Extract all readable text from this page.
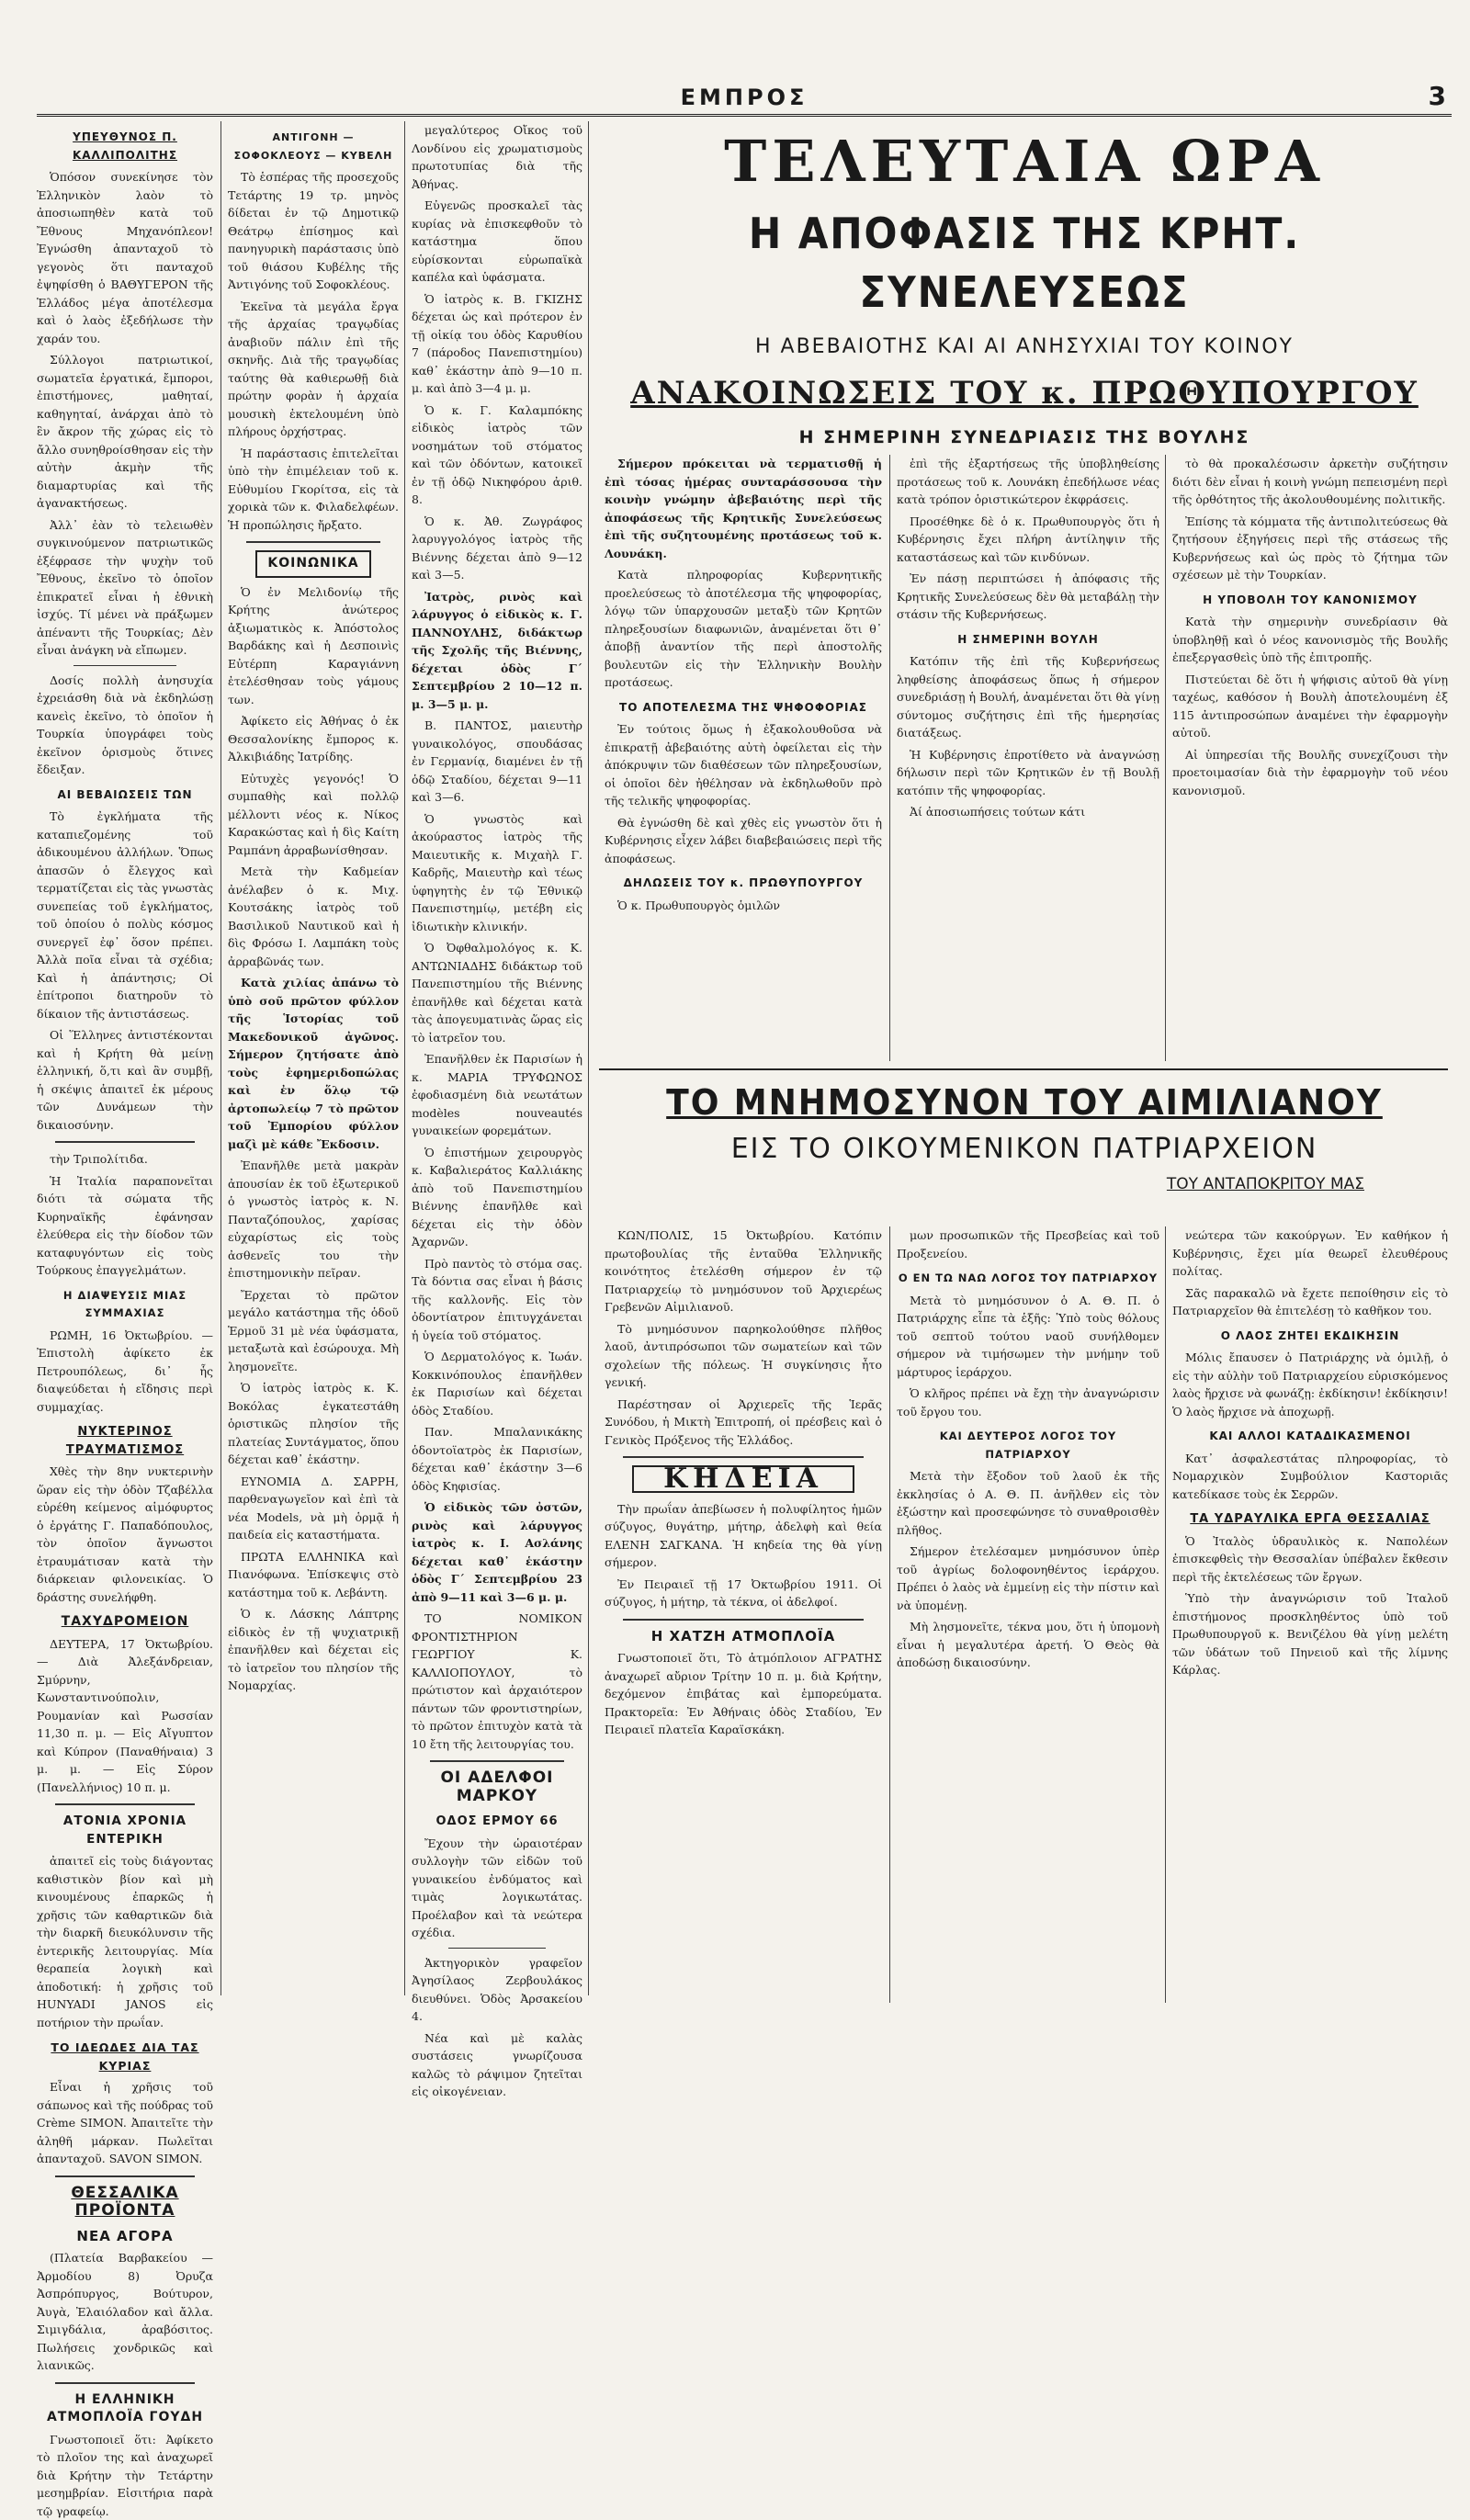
ΕΜΠΡΟΣ	3
ΥΠΕΥΘΥΝΟΣ Π. ΚΑΛΛΙΠΟΛΙΤΗΣ

Ὁπόσον συνεκίνησε τὸν Ἑλληνικὸν λαὸν τὸ ἀποσιωπηθὲν κατὰ τοῦ Ἔθνους Μηχανόπλεον! Ἐγνώσθη ἀπανταχοῦ τὸ γεγονὸς ὅτι πανταχοῦ ἐψηφίσθη ὁ ΒΑΘΥΓΕΡΟΝ τῆς Ἑλλάδος μέγα ἀποτέλεσμα καὶ ὁ λαὸς ἐξεδήλωσε τὴν χαράν του.

Σύλλογοι πατριωτικοί, σωματεῖα ἐργατικά, ἔμποροι, ἐπιστήμονες, μαθηταί, καθηγηταί, ἀνάρχαι ἀπὸ τὸ ἓν ἄκρον τῆς χώρας εἰς τὸ ἄλλο συνηθροίσθησαν εἰς τὴν αὐτὴν ἀκμὴν τῆς διαμαρτυρίας καὶ τῆς ἀγανακτήσεως.

Ἀλλ᾽ ἐὰν τὸ τελειωθὲν συγκινούμενον πατριωτικῶς ἐξέφρασε τὴν ψυχὴν τοῦ Ἔθνους, ἐκεῖνο τὸ ὁποῖον ἐπικρατεῖ εἶναι ἡ ἐθνικὴ ἰσχύς. Τί μένει νὰ πράξωμεν ἀπέναντι τῆς Τουρκίας; Δὲν εἶναι ἀνάγκη νὰ εἴπωμεν.

Δοσίς πολλὴ ἀνησυχία ἐχρειάσθη διὰ νὰ ἐκδηλώσῃ κανεὶς ἐκεῖνο, τὸ ὁποῖον ἡ Τουρκία ὑπογράφει τοὺς ἐκεῖνον ὁρισμοὺς ὅτινες ἔδειξαν.

ΑΙ ΒΕΒΑΙΩΣΕΙΣ ΤΩΝ

Τὸ ἐγκλήματα τῆς καταπιεζομένης τοῦ ἀδικουμένου ἀλλήλων. Ὅπως ἀπασῶν ὁ ἔλεγχος καὶ τερματίζεται εἰς τὰς γνωστὰς συνεπείας τοῦ ἐγκλήματος, τοῦ ὁποίου ὁ πολὺς κόσμος συνεργεῖ ἐφ᾽ ὅσον πρέπει. Ἀλλὰ ποῖα εἶναι τὰ σχέδια; Καὶ ἡ ἀπάντησις; Οἱ ἐπίτροποι διατηροῦν τὸ δίκαιον τῆς ἀντιστάσεως.

Οἱ Ἕλληνες ἀντιστέκονται καὶ ἡ Κρήτη θὰ μείνῃ ἑλληνική, ὅ,τι καὶ ἂν συμβῇ, ἡ σκέψις ἀπαιτεῖ ἐκ μέρους τῶν Δυνάμεων τὴν δικαιοσύνην.

τὴν Τριπολίτιδα.

Ἡ Ἰταλία παραπονεῖται διότι τὰ σώματα τῆς Κυρηναϊκῆς ἐφάνησαν ἐλεύθερα εἰς τὴν δίοδον τῶν καταφυγόντων εἰς τοὺς Τούρκους ἐπαγγελμάτων.

Η ΔΙΑΨΕΥΣΙΣ ΜΙΑΣ ΣΥΜΜΑΧΙΑΣ

ΡΩΜΗ, 16 Ὀκτωβρίου. — Ἐπιστολὴ ἀφίκετο ἐκ Πετρουπόλεως, δι᾽ ἧς διαψεύδεται ἡ εἴδησις περὶ συμμαχίας.

ΝΥΚΤΕΡΙΝΟΣ ΤΡΑΥΜΑΤΙΣΜΟΣ

Χθὲς τὴν 8ην νυκτερινὴν ὥραν εἰς τὴν ὁδὸν Τζαβέλλα εὑρέθη κείμενος αἱμόφυρτος ὁ ἐργάτης Γ. Παπαδόπουλος, τὸν ὁποῖον ἄγνωστοι ἐτραυμάτισαν κατὰ τὴν διάρκειαν φιλονεικίας. Ὁ δράστης συνελήφθη.

ΤΑΧΥΔΡΟΜΕΙΟΝ

ΔΕΥΤΕΡΑ, 17 Ὀκτωβρίου. — Διὰ Ἀλεξάνδρειαν, Σμύρνην, Κωνσταντινούπολιν, Ρουμανίαν καὶ Ρωσσίαν 11,30 π. μ. — Εἰς Αἴγυπτον καὶ Κύπρον (Παναθήναια) 3 μ. μ. — Εἰς Σύρον (Πανελλήνιος) 10 π. μ.

ΑΤΟΝΙΑ ΧΡΟΝΙΑ ΕΝΤΕΡΙΚΗ

ἀπαιτεῖ εἰς τοὺς διάγοντας καθιστικὸν βίον καὶ μὴ κινουμένους ἐπαρκῶς ἡ χρῆσις τῶν καθαρτικῶν διὰ τὴν διαρκῆ διευκόλυνσιν τῆς ἐντερικῆς λειτουργίας. Μία θεραπεία λογικὴ καὶ ἀποδοτική: ἡ χρῆσις τοῦ HUNYADI JANOS εἰς ποτήριον τὴν πρωΐαν.

ΤΟ ΙΔΕΩΔΕΣ ΔΙΑ ΤΑΣ ΚΥΡΙΑΣ

Εἶναι ἡ χρῆσις τοῦ σάπωνος καὶ τῆς πούδρας τοῦ Crème SIMON. Ἀπαιτεῖτε τὴν ἀληθῆ μάρκαν. Πωλεῖται ἀπανταχοῦ. SAVON SIMON.

ΘΕΣΣΑΛΙΚΑ ΠΡΟΪΟΝΤΑ
ΝΕΑ ΑΓΟΡΑ

(Πλατεία Βαρβακείου — Ἀρμοδίου 8) Ὀρυζα Ἀσπρόπυργος, Βούτυρον, Ἀυγὰ, Ἐλαιόλαδον καὶ ἄλλα. Σιμιγδάλια, ἀραβόσιτος. Πωλήσεις χονδρικῶς καὶ λιανικῶς.

Η ΕΛΛΗΝΙΚΗ ΑΤΜΟΠΛΟΪΑ ΓΟΥΔΗ

Γνωστοποιεῖ ὅτι: Ἀφίκετο τὸ πλοῖον της καὶ ἀναχωρεῖ διὰ Κρήτην τὴν Τετάρτην μεσημβρίαν. Εἰσιτήρια παρὰ τῷ γραφείῳ.

ΑΝΤΙΓΟΝΗ — ΣΟΦΟΚΛΕΟΥΣ — ΚΥΒΕΛΗ

Τὸ ἑσπέρας τῆς προσεχοῦς Τετάρτης 19 τρ. μηνὸς δίδεται ἐν τῷ Δημοτικῷ Θεάτρῳ ἐπίσημος καὶ πανηγυρικὴ παράστασις ὑπὸ τοῦ θιάσου Κυβέλης τῆς Ἀντιγόνης τοῦ Σοφοκλέους.

Ἐκεῖνα τὰ μεγάλα ἔργα τῆς ἀρχαίας τραγῳδίας ἀναβιοῦν πάλιν ἐπὶ τῆς σκηνῆς. Διὰ τῆς τραγῳδίας ταύτης θὰ καθιερωθῇ διὰ πρώτην φορὰν ἡ ἀρχαία μουσικὴ ἐκτελουμένη ὑπὸ πλήρους ὀρχήστρας.

Ἡ παράστασις ἐπιτελεῖται ὑπὸ τὴν ἐπιμέλειαν τοῦ κ. Εὐθυμίου Γκορίτσα, εἰς τὰ χορικὰ τῶν κ. Φιλαδελφέων. Ἡ προπώλησις ἤρξατο.

ΚΟΙΝΩΝΙΚΑ

Ὁ ἐν Μελιδονίῳ τῆς Κρήτης ἀνώτερος ἀξιωματικὸς κ. Ἀπόστολος Βαρδάκης καὶ ἡ Δεσποινὶς Εὐτέρπη Καραγιάννη ἐτελέσθησαν τοὺς γάμους των.

Ἀφίκετο εἰς Ἀθήνας ὁ ἐκ Θεσσαλονίκης ἔμπορος κ. Ἀλκιβιάδης Ἰατρίδης.

Εὐτυχὲς γεγονός! Ὁ συμπαθὴς καὶ πολλῷ μέλλοντι νέος κ. Νίκος Καρακώστας καὶ ἡ δὶς Καίτη Ραμπάνη ἀρραβωνίσθησαν.

Μετὰ τὴν Καδμείαν ἀνέλαβεν ὁ κ. Μιχ. Κουτσάκης ἰατρὸς τοῦ Βασιλικοῦ Ναυτικοῦ καὶ ἡ δὶς Φρόσω Ι. Λαμπάκη τοὺς ἀρραβῶνάς των.

Κατὰ χιλίας ἀπάνω τὸ ὑπὸ σοῦ πρῶτον φύλλον τῆς Ἱστορίας τοῦ Μακεδονικοῦ ἀγῶνος. Σήμερον ζητήσατε ἀπὸ τοὺς ἐφημεριδοπώλας καὶ ἐν ὅλῳ τῷ ἀρτοπωλείῳ 7 τὸ πρῶτον τοῦ Ἐμπορίου φύλλον μαζὶ μὲ κάθε Ἔκδοσιν.

Ἐπανῆλθε μετὰ μακρὰν ἀπουσίαν ἐκ τοῦ ἐξωτερικοῦ ὁ γνωστὸς ἰατρὸς κ. Ν. Πανταζόπουλος, χαρίσας εὐχαρίστως εἰς τοὺς ἀσθενεῖς του τὴν ἐπιστημονικὴν πεῖραν.

Ἔρχεται τὸ πρῶτον μεγάλο κατάστημα τῆς ὁδοῦ Ἑρμοῦ 31 μὲ νέα ὑφάσματα, μεταξωτὰ καὶ ἐσώρουχα. Μὴ λησμονεῖτε.

Ὁ ἱατρὸς ἰατρὸς κ. Κ. Βοκόλας ἐγκατεστάθη ὁριστικῶς πλησίον τῆς πλατείας Συντάγματος, ὅπου δέχεται καθ᾽ ἑκάστην.

ΕΥΝΟΜΙΑ Δ. ΣΑΡΡΗ, παρθεναγωγεῖον καὶ ἐπὶ τὰ νέα Models, νὰ μὴ ὁρμᾷ ἡ παιδεία εἰς καταστήματα.

ΠΡΩΤΑ ΕΛΛΗΝΙΚΑ καὶ Πιανόφωνα. Ἐπίσκεψις στὸ κατάστημα τοῦ κ. Λεβάντη.

Ὁ κ. Λάσκης Λάπτρης εἰδικὸς ἐν τῇ ψυχιατρικῇ ἐπανῆλθεν καὶ δέχεται εἰς τὸ ἰατρεῖον του πλησίον τῆς Νομαρχίας.

μεγαλύτερος Οἴκος τοῦ Λονδίνου εἰς χρωματισμοὺς πρωτοτυπίας διὰ τῆς Ἀθήνας.

Εὐγενῶς προσκαλεῖ τὰς κυρίας νὰ ἐπισκεφθοῦν τὸ κατάστημα ὅπου εὑρίσκονται εὐρωπαϊκὰ καπέλα καὶ ὑφάσματα.

Ὁ ἰατρὸς κ. Β. ΓΚΙΖΗΣ δέχεται ὡς καὶ πρότερον ἐν τῇ οἰκίᾳ του ὁδὸς Καρυθίου 7 (πάροδος Πανεπιστημίου) καθ᾽ ἑκάστην ἀπὸ 9—10 π. μ. καὶ ἀπὸ 3—4 μ. μ.

Ὁ κ. Γ. Καλαμπόκης εἰδικὸς ἰατρὸς τῶν νοσημάτων τοῦ στόματος καὶ τῶν ὀδόντων, κατοικεῖ ἐν τῇ ὁδῷ Νικηφόρου ἀριθ. 8.

Ὁ κ. Ἀθ. Ζωγράφος λαρυγγολόγος ἰατρὸς τῆς Βιέννης δέχεται ἀπὸ 9—12 καὶ 3—5.

Ἰατρὸς, ρινὸς καὶ λάρυγγος ὁ εἰδικὸς κ. Γ. ΠΑΝΝΟΥΛΗΣ, διδάκτωρ τῆς Σχολῆς τῆς Βιέννης, δέχεται ὁδὸς Γ΄ Σεπτεμβρίου 2 10—12 π. μ. 3—5 μ. μ.

Β. ΠΑΝΤΟΣ, μαιευτὴρ γυναικολόγος, σπουδάσας ἐν Γερμανίᾳ, διαμένει ἐν τῇ ὁδῷ Σταδίου, δέχεται 9—11 καὶ 3—6.

Ὁ γνωστὸς καὶ ἀκούραστος ἰατρὸς τῆς Μαιευτικῆς κ. Μιχαὴλ Γ. Καδρῆς, Μαιευτὴρ καὶ τέως ὑφηγητὴς ἐν τῷ Ἐθνικῷ Πανεπιστημίῳ, μετέβη εἰς ἰδιωτικὴν κλινικήν.

Ὁ Ὀφθαλμολόγος κ. Κ. ΑΝΤΩΝΙΑΔΗΣ διδάκτωρ τοῦ Πανεπιστημίου τῆς Βιέννης ἐπανῆλθε καὶ δέχεται κατὰ τὰς ἀπογευματινὰς ὥρας εἰς τὸ ἰατρεῖον του.

Ἐπανῆλθεν ἐκ Παρισίων ἡ κ. ΜΑΡΙΑ ΤΡΥΦΩΝΟΣ ἐφοδιασμένη διὰ νεωτάτων modèles nouveautés γυναικείων φορεμάτων.

Ὁ ἐπιστήμων χειρουργὸς κ. Καβαλιεράτος Καλλιάκης ἀπὸ τοῦ Πανεπιστημίου Βιέννης ἐπανῆλθε καὶ δέχεται εἰς τὴν ὁδὸν Ἀχαρνῶν.

Πρὸ παντὸς τὸ στόμα σας. Τὰ δόντια σας εἶναι ἡ βάσις τῆς καλλονῆς. Εἰς τὸν ὀδοντίατρον ἐπιτυγχάνεται ἡ ὑγεία τοῦ στόματος.

Ὁ Δερματολόγος κ. Ἰωάν. Κοκκινόπουλος ἐπανῆλθεν ἐκ Παρισίων καὶ δέχεται ὁδὸς Σταδίου.

Παν. Μπαλανικάκης ὁδοντοϊατρὸς ἐκ Παρισίων, δέχεται καθ᾽ ἑκάστην 3—6 ὁδὸς Κηφισίας.

Ὁ εἰδικὸς τῶν ὀστῶν, ρινὸς καὶ λάρυγγος ἰατρὸς κ. Ι. Ασλάνης δέχεται καθ᾽ ἑκάστην ὁδὸς Γ΄ Σεπτεμβρίου 23 ἀπὸ 9—11 καὶ 3—6 μ. μ.

ΤΟ ΝΟΜΙΚΟΝ ΦΡΟΝΤΙΣΤΗΡΙΟΝ ΓΕΩΡΓΙΟΥ Κ. ΚΑΛΛΙΟΠΟΥΛΟΥ, τὸ πρώτιστον καὶ ἀρχαιότερον πάντων τῶν φροντιστηρίων, τὸ πρῶτον ἐπιτυχὸν κατὰ τὰ 10 ἔτη τῆς λειτουργίας του.

ΟΙ ΑΔΕΛΦΟΙ ΜΑΡΚΟΥ
ΟΔΟΣ ΕΡΜΟΥ 66

Ἔχουν τὴν ὡραιοτέραν συλλογὴν τῶν εἰδῶν τοῦ γυναικείου ἐνδύματος καὶ τιμὰς λογικωτάτας. Προέλαβον καὶ τὰ νεώτερα σχέδια.

Ἀκτηγορικὸν γραφεῖον Ἀγησίλαος Ζερβουλάκος διευθύνει. Ὁδὸς Ἀρσακείου 4.

Νέα καὶ μὲ καλὰς συστάσεις γνωρίζουσα καλῶς τὸ ράψιμον ζητεῖται εἰς οἰκογένειαν.

ΤΕΛΕΥΤΑΙΑ ΩΡΑ
Η ΑΠΟΦΑΣΙΣ ΤΗΣ ΚΡΗΤ. ΣΥΝΕΛΕΥΣΕΩΣ
Η ΑΒΕΒΑΙΟΤΗΣ ΚΑΙ ΑΙ ΑΝΗΣΥΧΙΑΙ ΤΟΥ ΚΟΙΝΟΥ
ΑΝΑΚΟΙΝΩΣΕΙΣ ΤΟΥ κ. ΠΡΩΘΥΠΟΥΡΓΟΥ
Η ΣΗΜΕΡΙΝΗ ΣΥΝΕΔΡΙΑΣΙΣ ΤΗΣ ΒΟΥΛΗΣ

Σήμερον πρόκειται νὰ τερματισθῇ ἡ ἐπὶ τόσας ἡμέρας συνταράσσουσα τὴν κοινὴν γνώμην ἀβεβαιότης περὶ τῆς ἀποφάσεως τῆς Κρητικῆς Συνελεύσεως ἐπὶ τῆς συζητουμένης προτάσεως τοῦ κ. Λουνάκη.

Κατὰ πληροφορίας Κυβερνητικῆς προελεύσεως τὸ ἀποτέλεσμα τῆς ψηφοφορίας, λόγῳ τῶν ὑπαρχουσῶν μεταξὺ τῶν Κρητῶν πληρεξουσίων διαφωνιῶν, ἀναμένεται ὅτι θ᾽ ἀποβῇ ἀναντίον τῆς περὶ ἀποστολῆς βουλευτῶν εἰς τὴν Ἑλληνικὴν Βουλὴν προτάσεως.

ΤΟ ΑΠΟΤΕΛΕΣΜΑ ΤΗΣ ΨΗΦΟΦΟΡΙΑΣ

Ἐν τούτοις ὅμως ἡ ἐξακολουθοῦσα νὰ ἐπικρατῇ ἀβεβαιότης αὐτὴ ὀφείλεται εἰς τὴν ἀπόκρυψιν τῶν διαθέσεων τῶν πληρεξουσίων, οἱ ὁποῖοι δὲν ἠθέλησαν νὰ ἐκδηλωθοῦν πρὸ τῆς τελικῆς ψηφοφορίας.

Θὰ ἐγνώσθη δὲ καὶ χθὲς εἰς γνωστὸν ὅτι ἡ Κυβέρνησις εἶχεν λάβει διαβεβαιώσεις περὶ τῆς ἀποφάσεως.

ΔΗΛΩΣΕΙΣ ΤΟΥ κ. ΠΡΩΘΥΠΟΥΡΓΟΥ

Ὁ κ. Πρωθυπουργὸς ὁμιλῶν

ἐπὶ τῆς ἐξαρτήσεως τῆς ὑποβληθείσης προτάσεως τοῦ κ. Λουνάκη ἐπεδήλωσε νέας κατὰ τρόπον ὁριστικώτερον ἐκφράσεις.

Προσέθηκε δὲ ὁ κ. Πρωθυπουργὸς ὅτι ἡ Κυβέρνησις ἔχει πλήρη ἀντίληψιν τῆς καταστάσεως καὶ τῶν κινδύνων.

Ἐν πάσῃ περιπτώσει ἡ ἀπόφασις τῆς Κρητικῆς Συνελεύσεως δὲν θὰ μεταβάλῃ τὴν στάσιν τῆς Κυβερνήσεως.

Η ΣΗΜΕΡΙΝΗ ΒΟΥΛΗ

Κατόπιν τῆς ἐπὶ τῆς Κυβερνήσεως ληφθείσης ἀποφάσεως ὅπως ἡ σήμερον συνεδριάσῃ ἡ Βουλή, ἀναμένεται ὅτι θὰ γίνῃ σύντομος συζήτησις ἐπὶ τῆς ἡμερησίας διατάξεως.

Ἡ Κυβέρνησις ἐπροτίθετο νὰ ἀναγνώσῃ δήλωσιν περὶ τῶν Κρητικῶν ἐν τῇ Βουλῇ κατόπιν τῆς ψηφοφορίας.

Ἀί ἀποσιωπήσεις τούτων κάτι

τὸ θὰ προκαλέσωσιν ἀρκετὴν συζήτησιν διότι δὲν εἶναι ἡ κοινὴ γνώμη πεπεισμένη περὶ τῆς ὀρθότητος τῆς ἀκολουθουμένης πολιτικῆς.

Ἐπίσης τὰ κόμματα τῆς ἀντιπολιτεύσεως θὰ ζητήσουν ἐξηγήσεις περὶ τῆς στάσεως τῆς Κυβερνήσεως καὶ ὡς πρὸς τὸ ζήτημα τῶν σχέσεων μὲ τὴν Τουρκίαν.

Η ΥΠΟΒΟΛΗ ΤΟΥ ΚΑΝΟΝΙΣΜΟΥ

Κατὰ τὴν σημερινὴν συνεδρίασιν θὰ ὑποβληθῇ καὶ ὁ νέος κανονισμὸς τῆς Βουλῆς ἐπεξεργασθεὶς ὑπὸ τῆς ἐπιτροπῆς.

Πιστεύεται δὲ ὅτι ἡ ψήφισις αὐτοῦ θὰ γίνῃ ταχέως, καθόσον ἡ Βουλὴ ἀποτελουμένη ἐξ 115 ἀντιπροσώπων ἀναμένει τὴν ἐφαρμογὴν αὐτοῦ.

Αἰ ὑπηρεσίαι τῆς Βουλῆς συνεχίζουσι τὴν προετοιμασίαν διὰ τὴν ἐφαρμογὴν τοῦ νέου κανονισμοῦ.

ΤΟ ΜΝΗΜΟΣΥΝΟΝ ΤΟΥ ΑΙΜΙΛΙΑΝΟΥ
ΕΙΣ ΤΟ ΟΙΚΟΥΜΕΝΙΚΟΝ ΠΑΤΡΙΑΡΧΕΙΟΝ
ΤΟΥ ΑΝΤΑΠΟΚΡΙΤΟΥ ΜΑΣ

ΚΩΝ/ΠΟΛΙΣ, 15 Ὀκτωβρίου. Κατόπιν πρωτοβουλίας τῆς ἐνταῦθα Ἑλληνικῆς κοινότητος ἐτελέσθη σήμερον ἐν τῷ Πατριαρχείῳ τὸ μνημόσυνον τοῦ Ἀρχιερέως Γρεβενῶν Αἰμιλιανοῦ.

Τὸ μνημόσυνον παρηκολούθησε πλῆθος λαοῦ, ἀντιπρόσωποι τῶν σωματείων καὶ τῶν σχολείων τῆς πόλεως. Ἡ συγκίνησις ἦτο γενική.

Παρέστησαν οἱ Ἀρχιερεῖς τῆς Ἱερᾶς Συνόδου, ἡ Μικτὴ Ἐπιτροπή, οἱ πρέσβεις καὶ ὁ Γενικὸς Πρόξενος τῆς Ἑλλάδος.

ΚΗΔΕΙΑ

Τὴν πρωΐαν ἀπεβίωσεν ἡ πολυφίλητος ἡμῶν σύζυγος, θυγάτηρ, μήτηρ, ἀδελφὴ καὶ θεία ΕΛΕΝΗ ΣΑΓΚΑΝΑ. Ἡ κηδεία της θὰ γίνῃ σήμερον.

Ἐν Πειραιεῖ τῇ 17 Ὀκτωβρίου 1911. Οἱ σύζυγος, ἡ μήτηρ, τὰ τέκνα, οἱ ἀδελφοί.

Η ΧΑΤΖΗ ΑΤΜΟΠΛΟΪΑ

Γνωστοποιεῖ ὅτι, Τὸ ἀτμόπλοιον ΑΓΡΑΤΗΣ ἀναχωρεῖ αὔριον Τρίτην 10 π. μ. διὰ Κρήτην, δεχόμενον ἐπιβάτας καὶ ἐμπορεύματα. Πρακτορεῖα: Ἐν Ἀθήναις ὁδὸς Σταδίου, Ἐν Πειραιεῖ πλατεῖα Καραϊσκάκη.

μων προσωπικῶν τῆς Πρεσβείας καὶ τοῦ Προξενείου.

Ο ΕΝ ΤΩ ΝΑΩ ΛΟΓΟΣ ΤΟΥ ΠΑΤΡΙΑΡΧΟΥ

Μετὰ τὸ μνημόσυνον ὁ Α. Θ. Π. ὁ Πατριάρχης εἶπε τὰ ἑξῆς: Ὑπὸ τοὺς θόλους τοῦ σεπτοῦ τούτου ναοῦ συνήλθομεν σήμερον νὰ τιμήσωμεν τὴν μνήμην τοῦ μάρτυρος ἱεράρχου.

Ὁ κλῆρος πρέπει νὰ ἔχῃ τὴν ἀναγνώρισιν τοῦ ἔργου του.

ΚΑΙ ΔΕΥΤΕΡΟΣ ΛΟΓΟΣ ΤΟΥ ΠΑΤΡΙΑΡΧΟΥ

Μετὰ τὴν ἔξοδον τοῦ λαοῦ ἐκ τῆς ἐκκλησίας ὁ Α. Θ. Π. ἀνῆλθεν εἰς τὸν ἐξώστην καὶ προσεφώνησε τὸ συναθροισθὲν πλῆθος.

Σήμερον ἐτελέσαμεν μνημόσυνον ὑπὲρ τοῦ ἀγρίως δολοφονηθέντος ἱεράρχου. Πρέπει ὁ λαὸς νὰ ἐμμείνῃ εἰς τὴν πίστιν καὶ νὰ ὑπομένῃ.

Μὴ λησμονεῖτε, τέκνα μου, ὅτι ἡ ὑπομονὴ εἶναι ἡ μεγαλυτέρα ἀρετή. Ὁ Θεὸς θὰ ἀποδώσῃ δικαιοσύνην.

νεώτερα τῶν κακούργων. Ἐν καθήκον ἡ Κυβέρνησις, ἔχει μία θεωρεῖ ἐλευθέρους πολίτας.

Σᾶς παρακαλῶ νὰ ἔχετε πεποίθησιν εἰς τὸ Πατριαρχεῖον θὰ ἐπιτελέσῃ τὸ καθῆκον του.

Ο ΛΑΟΣ ΖΗΤΕΙ ΕΚΔΙΚΗΣΙΝ

Μόλις ἔπαυσεν ὁ Πατριάρχης νὰ ὁμιλῇ, ὁ εἰς τὴν αὐλὴν τοῦ Πατριαρχείου εὑρισκόμενος λαὸς ἤρχισε νὰ φωνάζῃ: ἐκδίκησιν! ἐκδίκησιν! Ὁ λαὸς ἤρχισε νὰ ἀποχωρῇ.

ΚΑΙ ΑΛΛΟΙ ΚΑΤΑΔΙΚΑΣΜΕΝΟΙ

Κατ᾽ ἀσφαλεστάτας πληροφορίας, τὸ Νομαρχικὸν Συμβούλιον Καστοριᾶς κατεδίκασε τοὺς ἐκ Σερρῶν.

ΤΑ ΥΔΡΑΥΛΙΚΑ ΕΡΓΑ ΘΕΣΣΑΛΙΑΣ

Ὁ Ἰταλὸς ὑδραυλικὸς κ. Ναπολέων ἐπισκεφθεὶς τὴν Θεσσαλίαν ὑπέβαλεν ἔκθεσιν περὶ τῆς ἐκτελέσεως τῶν ἔργων.

Ὑπὸ τὴν ἀναγνώρισιν τοῦ Ἰταλοῦ ἐπιστήμονος προσκληθέντος ὑπὸ τοῦ Πρωθυπουργοῦ κ. Βενιζέλου θὰ γίνῃ μελέτη τῶν ὑδάτων τοῦ Πηνειοῦ καὶ τῆς λίμνης Κάρλας.
